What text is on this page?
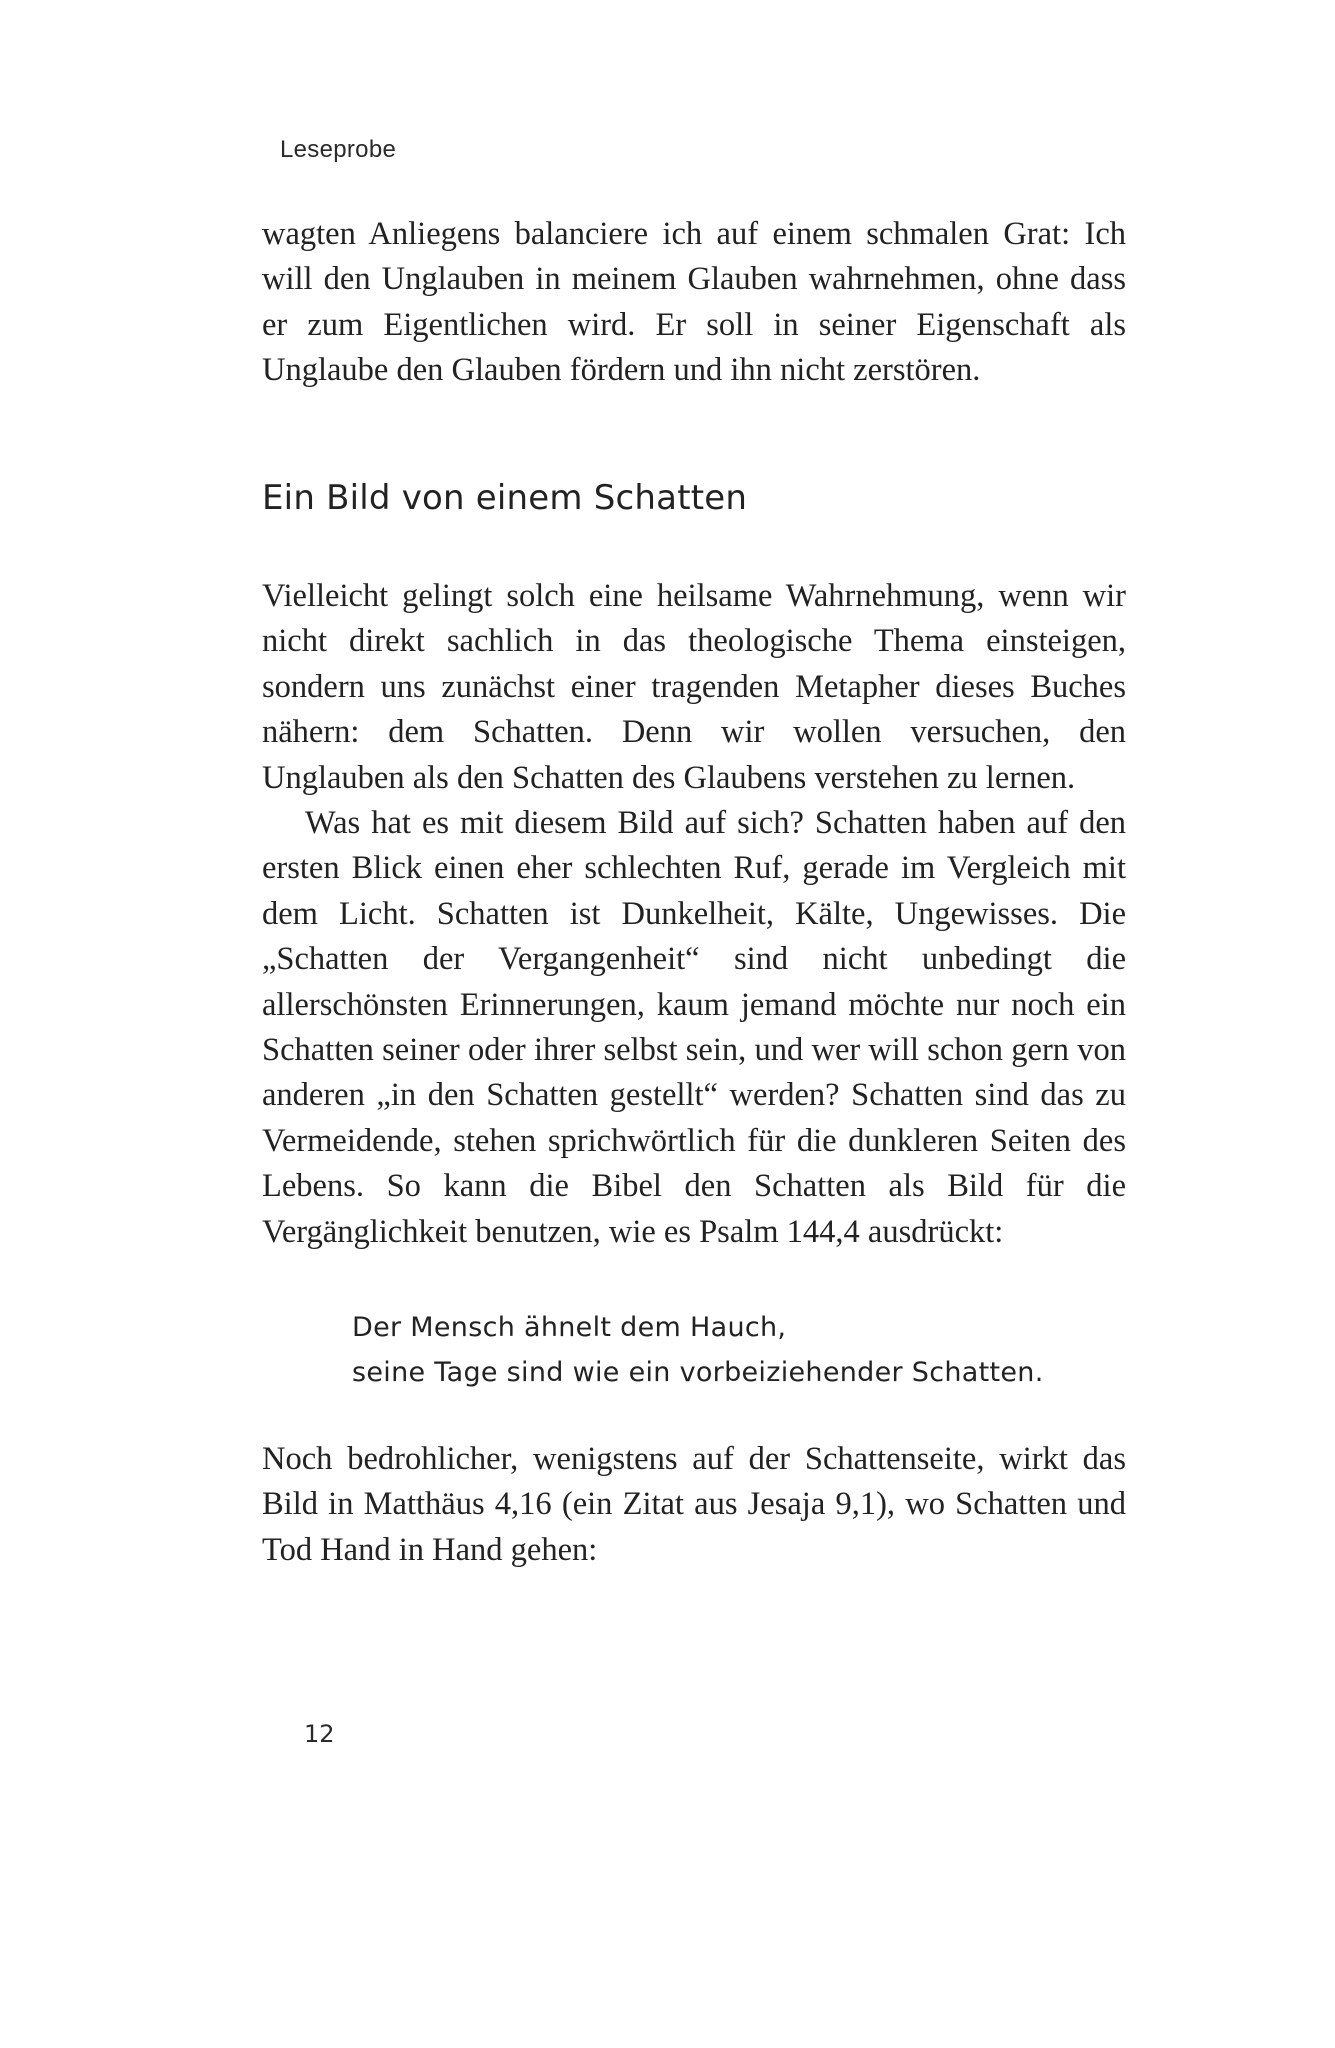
Leseprobe

wagten Anliegens balanciere ich auf einem schmalen Grat: Ich will den Unglauben in meinem Glauben wahrnehmen, ohne dass er zum Eigentlichen wird. Er soll in seiner Eigenschaft als Unglaube den Glauben fördern und ihn nicht zerstören.

Ein Bild von einem Schatten

Vielleicht gelingt solch eine heilsame Wahrnehmung, wenn wir nicht direkt sachlich in das theologische Thema einsteigen, sondern uns zunächst einer tragenden Metapher dieses Buches nähern: dem Schatten. Denn wir wollen versuchen, den Unglauben als den Schatten des Glaubens verstehen zu lernen.

Was hat es mit diesem Bild auf sich? Schatten haben auf den ersten Blick einen eher schlechten Ruf, gerade im Vergleich mit dem Licht. Schatten ist Dunkelheit, Kälte, Ungewisses. Die „Schatten der Vergangenheit“ sind nicht unbedingt die allerschönsten Erinnerungen, kaum jemand möchte nur noch ein Schatten seiner oder ihrer selbst sein, und wer will schon gern von anderen „in den Schatten gestellt“ werden? Schatten sind das zu Vermeidende, stehen sprichwörtlich für die dunkleren Seiten des Lebens. So kann die Bibel den Schatten als Bild für die Vergänglichkeit benutzen, wie es Psalm 144,4 ausdrückt:

Der Mensch ähnelt dem Hauch,
seine Tage sind wie ein vorbeiziehender Schatten.

Noch bedrohlicher, wenigstens auf der Schattenseite, wirkt das Bild in Matthäus 4,16 (ein Zitat aus Jesaja 9,1), wo Schatten und Tod Hand in Hand gehen:

12
